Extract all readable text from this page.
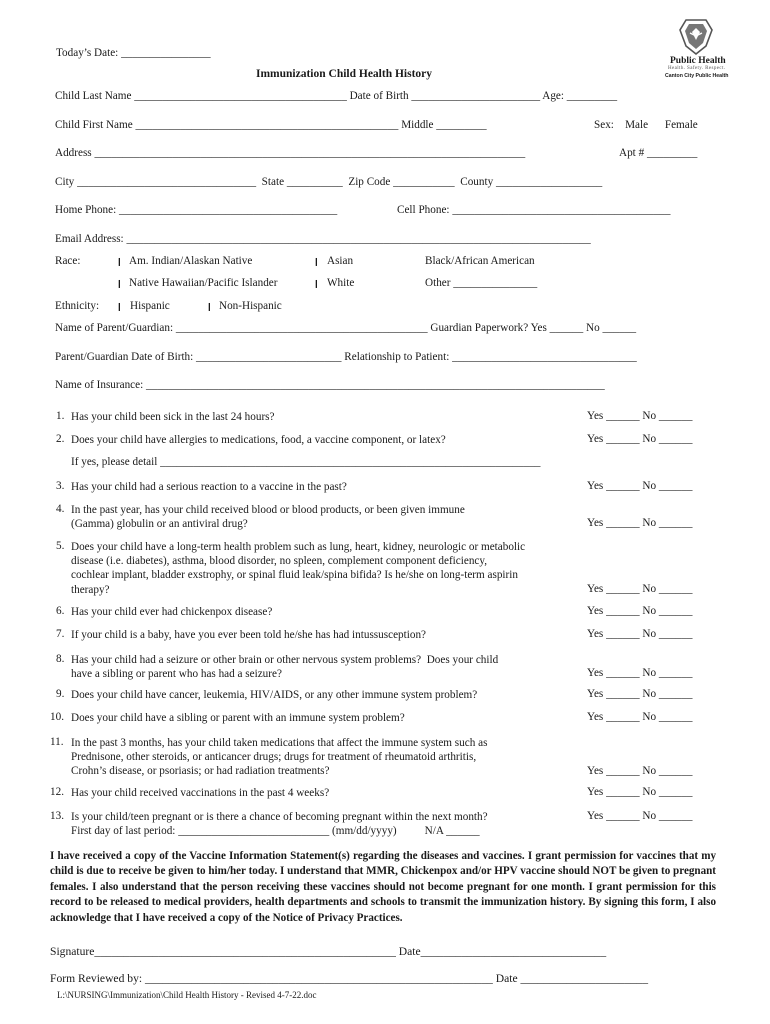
Today’s Date: ________________
Immunization Child Health History
Public Health
Health. Safety. Respect.
Canton City Public Health
Child Last Name ______________________________________ Date of Birth _______________________ Age: _________
Child First Name _______________________________________________ Middle _________	Sex:    Male      Female
Address _____________________________________________________________________________	Apt # _________
City ________________________________  State __________  Zip Code ___________  County ___________________
Home Phone: _______________________________________	Cell Phone: _______________________________________
Email Address: ___________________________________________________________________________________
Race:	❙ Am. Indian/Alaskan Native	❙ Asian	Black/African American
❙ Native Hawaiian/Pacific Islander	❙ White	Other _______________
Ethnicity: ❙ Hispanic	❙ Non-Hispanic
Name of Parent/Guardian: _____________________________________________ Guardian Paperwork? Yes ______ No ______
Parent/Guardian Date of Birth: __________________________ Relationship to Patient: _________________________________
Name of Insurance: __________________________________________________________________________________
1. Has your child been sick in the last 24 hours?	Yes ______ No ______
2. Does your child have allergies to medications, food, a vaccine component, or latex?	Yes ______ No ______
If yes, please detail ____________________________________________________________________
3. Has your child had a serious reaction to a vaccine in the past?	Yes ______ No ______
4. In the past year, has your child received blood or blood products, or been given immune
(Gamma) globulin or an antiviral drug?	Yes ______ No ______
5. Does your child have a long-term health problem such as lung, heart, kidney, neurologic or metabolic
disease (i.e. diabetes), asthma, blood disorder, no spleen, complement component deficiency,
cochlear implant, bladder exstrophy, or spinal fluid leak/spina bifida? Is he/she on long-term aspirin
therapy?	Yes ______ No ______
6. Has your child ever had chickenpox disease?	Yes ______ No ______
7. If your child is a baby, have you ever been told he/she has had intussusception?	Yes ______ No ______
8. Has your child had a seizure or other brain or other nervous system problems?  Does your child
have a sibling or parent who has had a seizure?	Yes ______ No ______
9. Does your child have cancer, leukemia, HIV/AIDS, or any other immune system problem?	Yes ______ No ______
10. Does your child have a sibling or parent with an immune system problem?	Yes ______ No ______
11. In the past 3 months, has your child taken medications that affect the immune system such as
Prednisone, other steroids, or anticancer drugs; drugs for treatment of rheumatoid arthritis,
Crohn’s disease, or psoriasis; or had radiation treatments?	Yes ______ No ______
12. Has your child received vaccinations in the past 4 weeks?	Yes ______ No ______
13. Is your child/teen pregnant or is there a chance of becoming pregnant within the next month?
First day of last period: ___________________________ (mm/dd/yyyy)          N/A ______
Yes ______ No ______
I have received a copy of the Vaccine Information Statement(s) regarding the diseases and vaccines. I grant permission for vaccines that my child is due to receive be given to him/her today. I understand that MMR, Chickenpox and/or HPV vaccine should NOT be given to pregnant females. I also understand that the person receiving these vaccines should not become pregnant for one month. I grant permission for this record to be released to medical providers, health departments and schools to transmit the immunization history. By signing this form, I also acknowledge that I have received a copy of the Notice of Privacy Practices.
Signature____________________________________________________ Date________________________________
Form Reviewed by: ____________________________________________________________ Date ______________________
L:\NURSING\Immunization\Child Health History - Revised 4-7-22.doc
